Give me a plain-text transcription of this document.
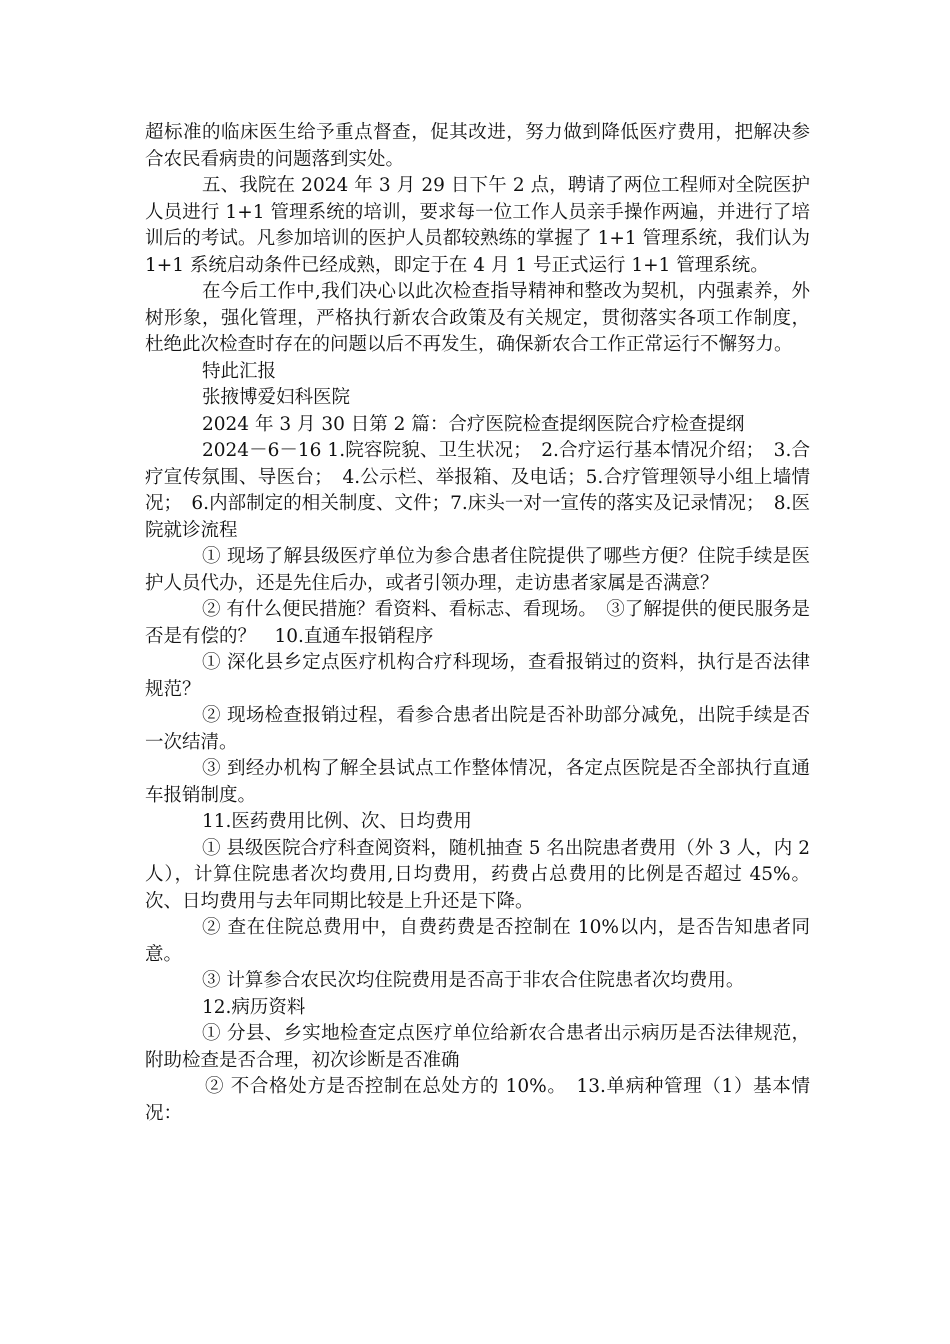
超标准的临床医生给予重点督查，促其改进，努力做到降低医疗费用，把解决参合农民看病贵的问题落到实处。

五、我院在 2024 年 3 月 29 日下午 2 点，聘请了两位工程师对全院医护人员进行 1+1 管理系统的培训，要求每一位工作人员亲手操作两遍，并进行了培训后的考试。凡参加培训的医护人员都较熟练的掌握了 1+1 管理系统，我们认为 1+1 系统启动条件已经成熟，即定于在 4 月 1 号正式运行 1+1 管理系统。

在今后工作中,我们决心以此次检查指导精神和整改为契机，内强素养，外树形象，强化管理，严格执行新农合政策及有关规定，贯彻落实各项工作制度，杜绝此次检查时存在的问题以后不再发生，确保新农合工作正常运行不懈努力。

特此汇报

张掖博爱妇科医院

2024 年 3 月 30 日第 2 篇：合疗医院检查提纲医院合疗检查提纲

2024－6－16 1.院容院貌、卫生状况；　2.合疗运行基本情况介绍；　3.合疗宣传氛围、导医台；　4.公示栏、举报箱、及电话；5.合疗管理领导小组上墙情况；　6.内部制定的相关制度、文件；7.床头一对一宣传的落实及记录情况；　8.医院就诊流程

① 现场了解县级医疗单位为参合患者住院提供了哪些方便？住院手续是医护人员代办，还是先住后办，或者引领办理，走访患者家属是否满意？

② 有什么便民措施？看资料、看标志、看现场。　③了解提供的便民服务是否是有偿的？　10.直通车报销程序

① 深化县乡定点医疗机构合疗科现场，查看报销过的资料，执行是否法律规范？

② 现场检查报销过程，看参合患者出院是否补助部分减免，出院手续是否一次结清。

③ 到经办机构了解全县试点工作整体情况，各定点医院是否全部执行直通车报销制度。

11.医药费用比例、次、日均费用

① 县级医院合疗科查阅资料，随机抽查 5 名出院患者费用（外 3 人，内 2 人），计算住院患者次均费用,日均费用，药费占总费用的比例是否超过 45%。次、日均费用与去年同期比较是上升还是下降。

② 查在住院总费用中，自费药费是否控制在 10%以内，是否告知患者同意。

③ 计算参合农民次均住院费用是否高于非农合住院患者次均费用。

12.病历资料

① 分县、乡实地检查定点医疗单位给新农合患者出示病历是否法律规范，附助检查是否合理，初次诊断是否准确

② 不合格处方是否控制在总处方的 10%。　13.单病种管理（1）基本情况：
